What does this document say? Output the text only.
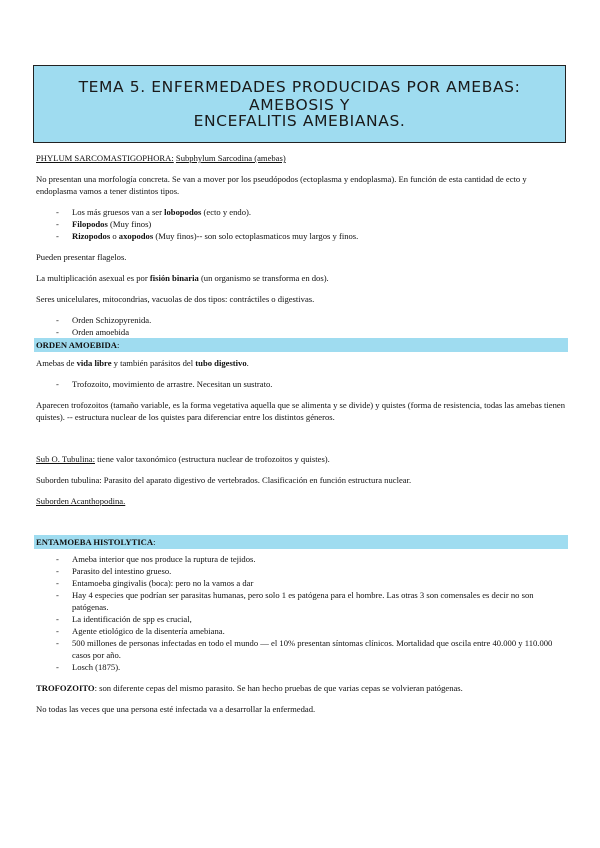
TEMA 5. ENFERMEDADES PRODUCIDAS POR AMEBAS: AMEBOSIS Y
ENCEFALITIS AMEBIANAS.

PHYLUM SARCOMASTIGOPHORA: Subphylum Sarcodina (amebas)

No presentan una morfología concreta. Se van a mover por los pseudópodos (ectoplasma y endoplasma). En función de esta cantidad de ecto y endoplasma vamos a tener distintos tipos.

- Los más gruesos van a ser lobopodos (ecto y endo).
- Filopodos (Muy finos)
- Rizopodos o axopodos (Muy finos)-- son solo ectoplasmaticos muy largos y finos.

Pueden presentar flagelos.

La multiplicación asexual es por fisión binaria (un organismo se transforma en dos).

Seres unicelulares, mitocondrias, vacuolas de dos tipos: contráctiles o digestivas.

- Orden Schizopyrenida.
- Orden amoebida
ORDEN AMOEBIDA:

Amebas de vida libre y también parásitos del tubo digestivo.

- Trofozoito, movimiento de arrastre. Necesitan un sustrato.

Aparecen trofozoitos (tamaño variable, es la forma vegetativa aquella que se alimenta y se divide) y quistes (forma de resistencia, todas las amebas tienen quistes). -- estructura nuclear de los quistes para diferenciar entre los distintos géneros.

Sub O. Tubulina: tiene valor taxonómico (estructura nuclear de trofozoitos y quistes).

Suborden tubulina: Parasito del aparato digestivo de vertebrados. Clasificación en función estructura nuclear.

Suborden Acanthopodina.

ENTAMOEBA HISTOLYTICA:
- Ameba interior que nos produce la ruptura de tejidos.
- Parasito del intestino grueso.
- Entamoeba gingivalis (boca): pero no la vamos a dar
- Hay 4 especies que podrían ser parasitas humanas, pero solo 1 es patógena para el hombre. Las otras 3 son comensales es decir no son patógenas.
- La identificación de spp es crucial,
- Agente etiológico de la disentería amebiana.
- 500 millones de personas infectadas en todo el mundo — el 10% presentan síntomas clínicos. Mortalidad que oscila entre 40.000 y 110.000 casos por año.
- Losch (1875).

TROFOZOITO: son diferente cepas del mismo parasito. Se han hecho pruebas de que varias cepas se volvieran patógenas.

No todas las veces que una persona esté infectada va a desarrollar la enfermedad.
